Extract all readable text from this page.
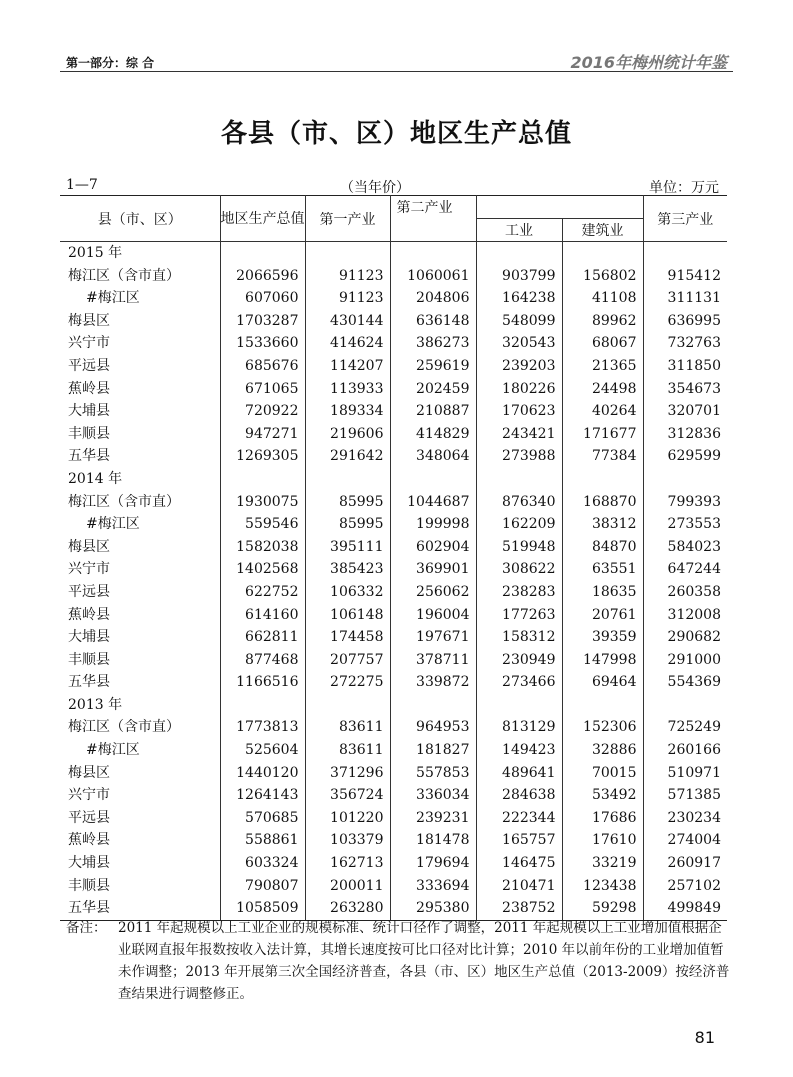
第一部分：综 合	2016年梅州统计年鉴
各县（市、区）地区生产总值
1—7	（当年价）	单位：万元
县（市、区）	地区生产总值	第一产业	第二产业			第三产业
				工业	建筑业	
2015 年						
梅江区（含市直）	2066596	91123	1060061	903799	156802	915412
#梅江区	607060	91123	204806	164238	41108	311131
梅县区	1703287	430144	636148	548099	89962	636995
兴宁市	1533660	414624	386273	320543	68067	732763
平远县	685676	114207	259619	239203	21365	311850
蕉岭县	671065	113933	202459	180226	24498	354673
大埔县	720922	189334	210887	170623	40264	320701
丰顺县	947271	219606	414829	243421	171677	312836
五华县	1269305	291642	348064	273988	77384	629599
2014 年						
梅江区（含市直）	1930075	85995	1044687	876340	168870	799393
#梅江区	559546	85995	199998	162209	38312	273553
梅县区	1582038	395111	602904	519948	84870	584023
兴宁市	1402568	385423	369901	308622	63551	647244
平远县	622752	106332	256062	238283	18635	260358
蕉岭县	614160	106148	196004	177263	20761	312008
大埔县	662811	174458	197671	158312	39359	290682
丰顺县	877468	207757	378711	230949	147998	291000
五华县	1166516	272275	339872	273466	69464	554369
2013 年						
梅江区（含市直）	1773813	83611	964953	813129	152306	725249
#梅江区	525604	83611	181827	149423	32886	260166
梅县区	1440120	371296	557853	489641	70015	510971
兴宁市	1264143	356724	336034	284638	53492	571385
平远县	570685	101220	239231	222344	17686	230234
蕉岭县	558861	103379	181478	165757	17610	274004
大埔县	603324	162713	179694	146475	33219	260917
丰顺县	790807	200011	333694	210471	123438	257102
五华县	1058509	263280	295380	238752	59298	499849
备注： 2011 年起规模以上工业企业的规模标准、统计口径作了调整，2011 年起规模以上工业增加值根据企业联网直报年报数按收入法计算，其增长速度按可比口径对比计算；2010 年以前年份的工业增加值暂未作调整；2013 年开展第三次全国经济普查，各县（市、区）地区生产总值（2013-2009）按经济普查结果进行调整修正。
81
